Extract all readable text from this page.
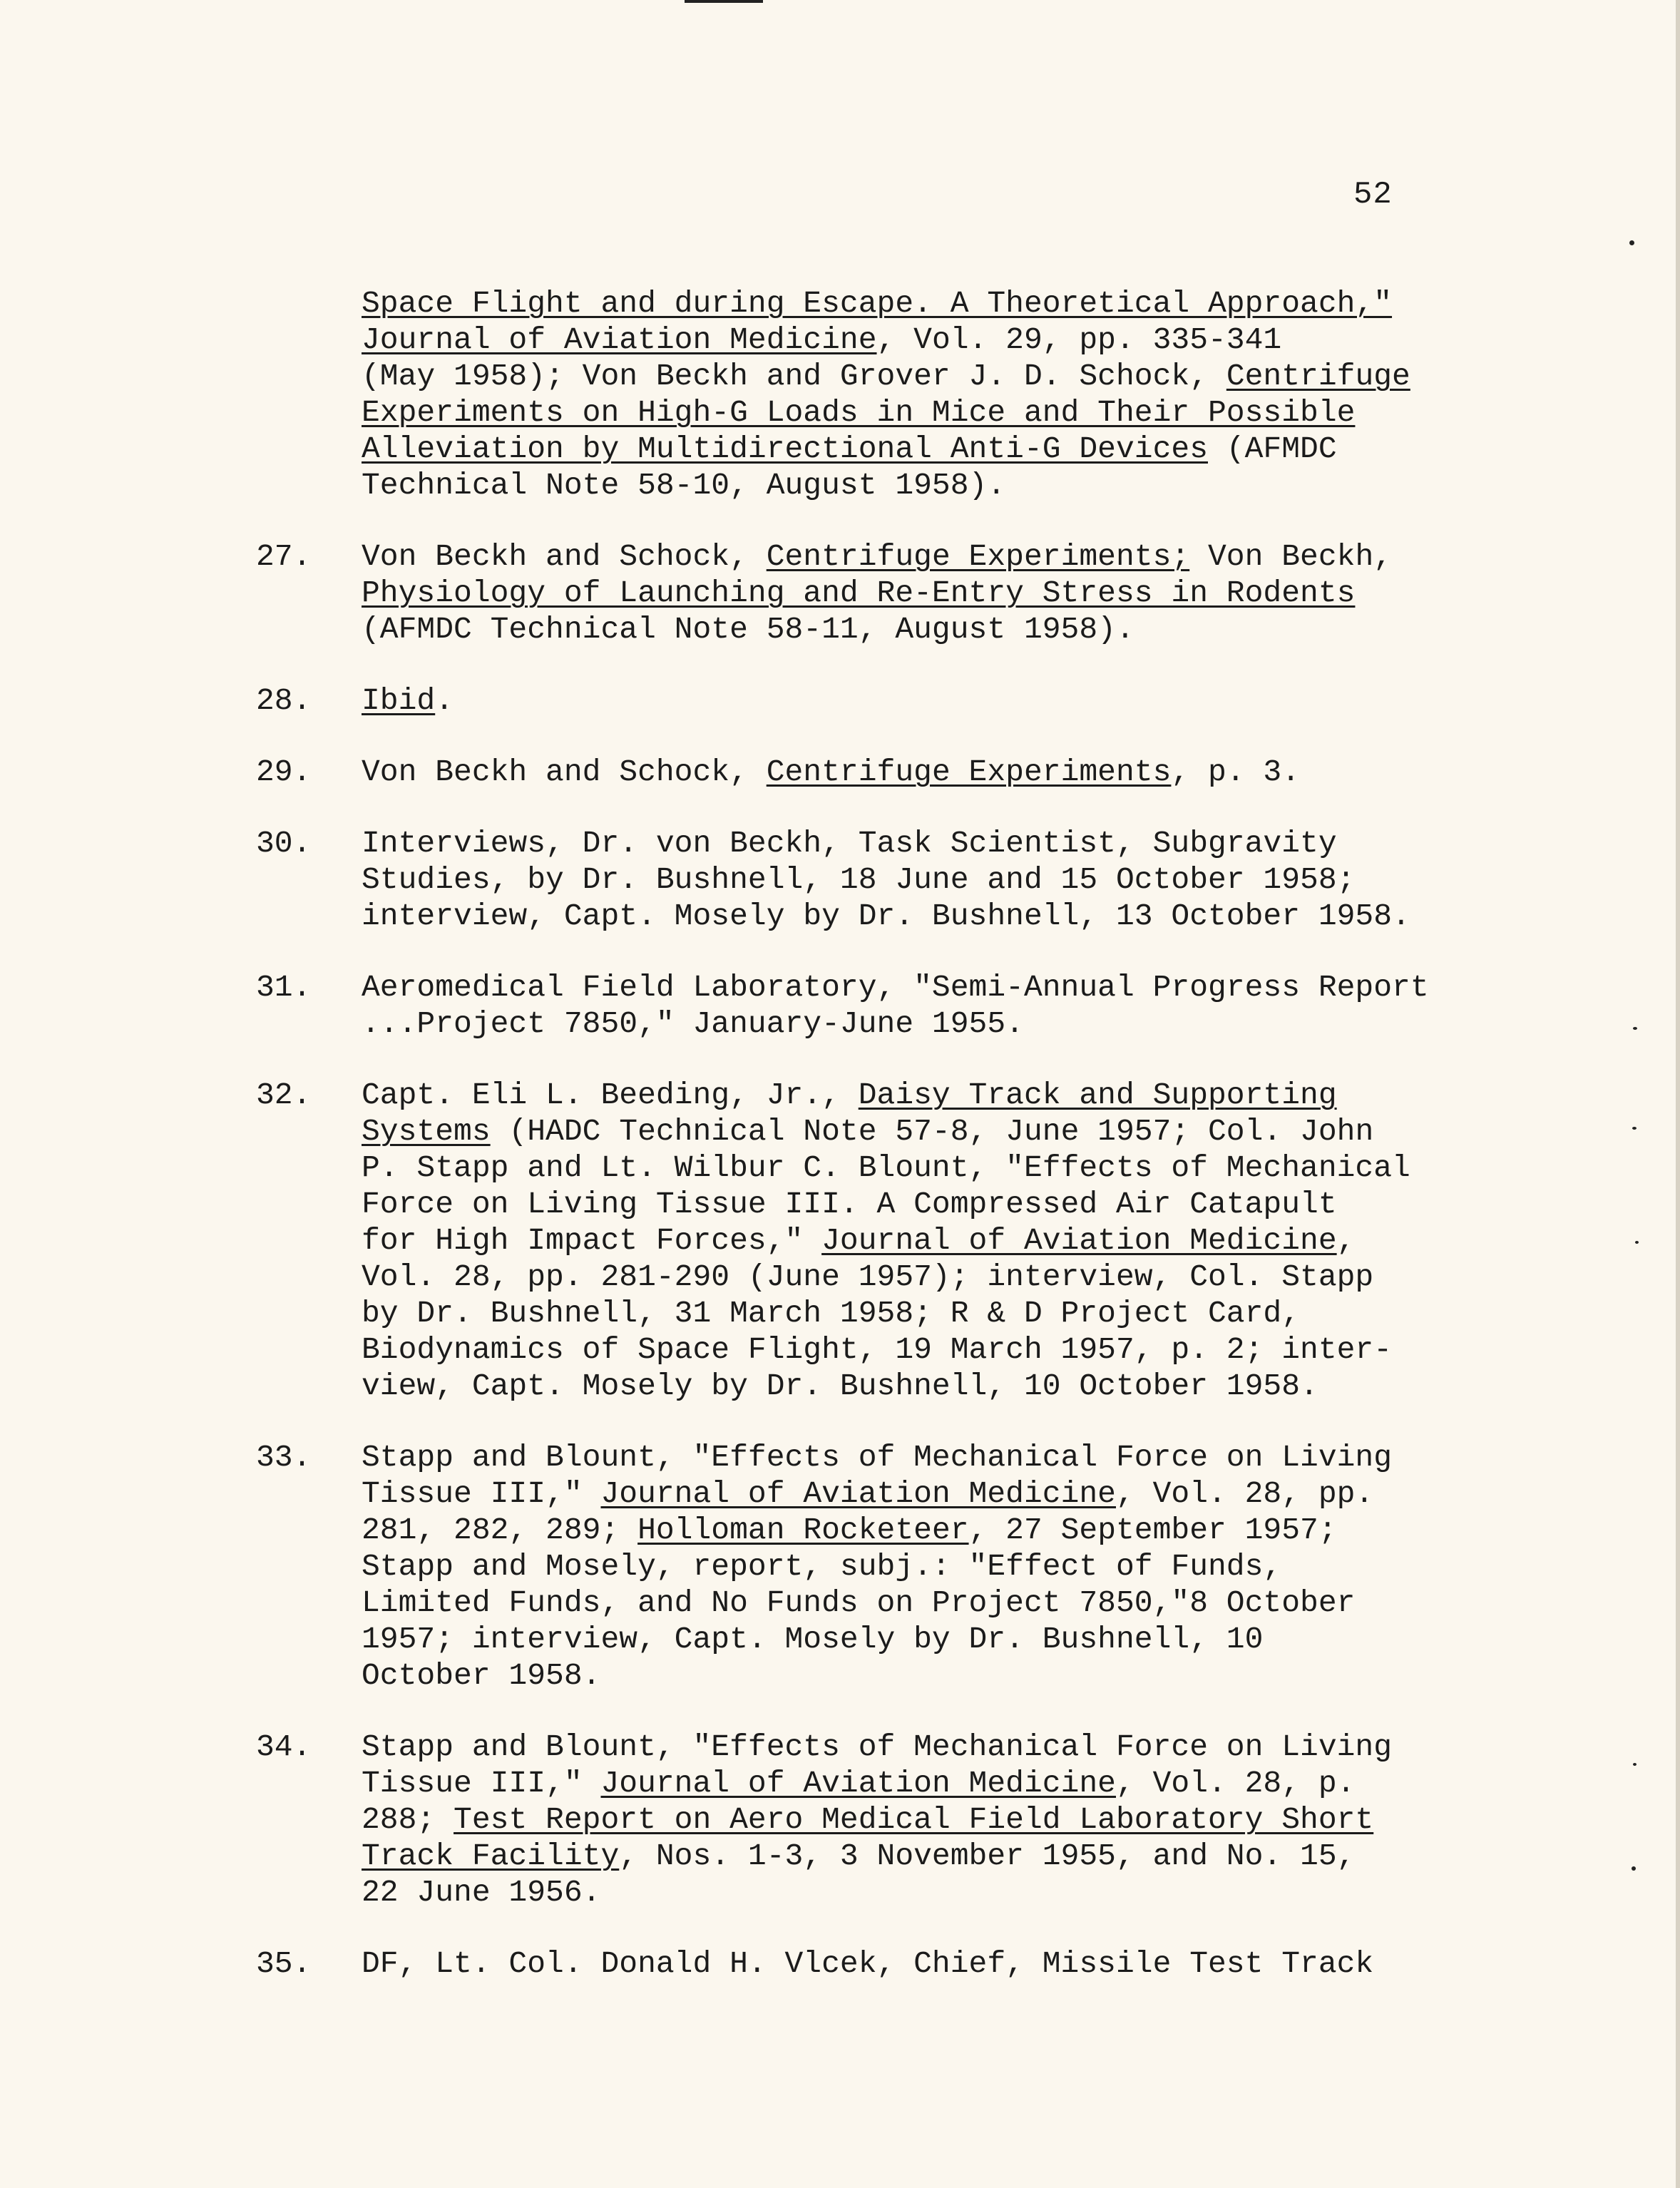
52
Space Flight and during Escape. A Theoretical Approach,"
Journal of Aviation Medicine, Vol. 29, pp. 335-341
(May 1958); Von Beckh and Grover J. D. Schock, Centrifuge
Experiments on High-G Loads in Mice and Their Possible
Alleviation by Multidirectional Anti-G Devices (AFMDC
Technical Note 58-10, August 1958).
27. Von Beckh and Schock, Centrifuge Experiments; Von Beckh,
Physiology of Launching and Re-Entry Stress in Rodents
(AFMDC Technical Note 58-11, August 1958).
28. Ibid.
29. Von Beckh and Schock, Centrifuge Experiments, p. 3.
30. Interviews, Dr. von Beckh, Task Scientist, Subgravity
Studies, by Dr. Bushnell, 18 June and 15 October 1958;
interview, Capt. Mosely by Dr. Bushnell, 13 October 1958.
31. Aeromedical Field Laboratory, "Semi-Annual Progress Report
...Project 7850," January-June 1955.
32. Capt. Eli L. Beeding, Jr., Daisy Track and Supporting
Systems (HADC Technical Note 57-8, June 1957; Col. John
P. Stapp and Lt. Wilbur C. Blount, "Effects of Mechanical
Force on Living Tissue III. A Compressed Air Catapult
for High Impact Forces," Journal of Aviation Medicine,
Vol. 28, pp. 281-290 (June 1957); interview, Col. Stapp
by Dr. Bushnell, 31 March 1958; R & D Project Card,
Biodynamics of Space Flight, 19 March 1957, p. 2; inter-
view, Capt. Mosely by Dr. Bushnell, 10 October 1958.
33. Stapp and Blount, "Effects of Mechanical Force on Living
Tissue III," Journal of Aviation Medicine, Vol. 28, pp.
281, 282, 289; Holloman Rocketeer, 27 September 1957;
Stapp and Mosely, report, subj.: "Effect of Funds,
Limited Funds, and No Funds on Project 7850,"8 October
1957; interview, Capt. Mosely by Dr. Bushnell, 10
October 1958.
34. Stapp and Blount, "Effects of Mechanical Force on Living
Tissue III," Journal of Aviation Medicine, Vol. 28, p.
288; Test Report on Aero Medical Field Laboratory Short
Track Facility, Nos. 1-3, 3 November 1955, and No. 15,
22 June 1956.
35. DF, Lt. Col. Donald H. Vlcek, Chief, Missile Test Track
